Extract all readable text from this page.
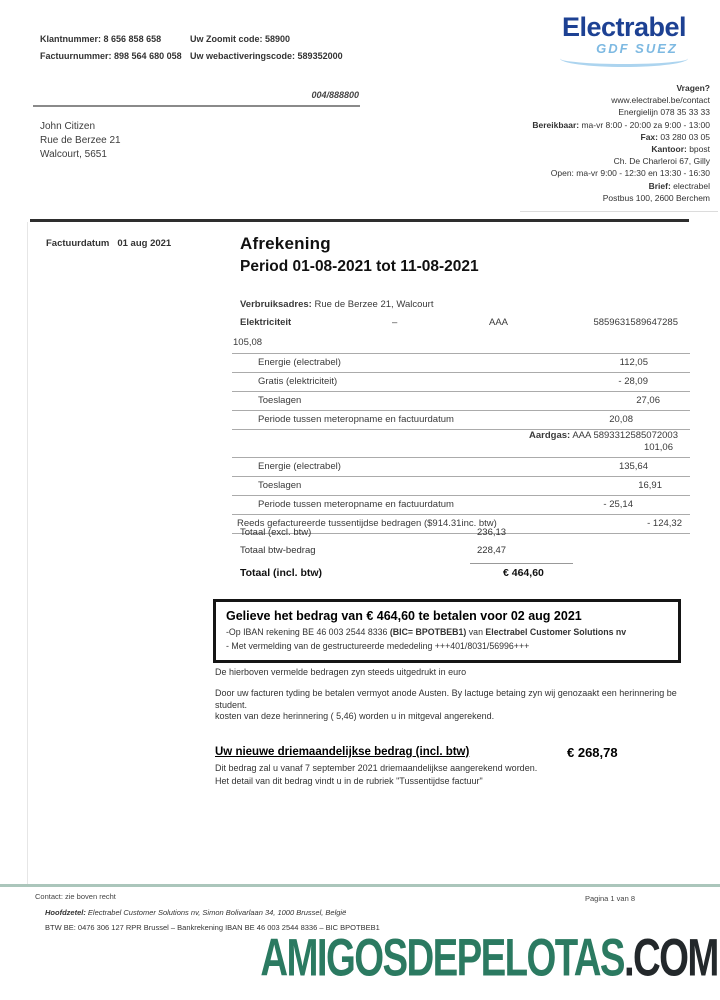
Klantnummer: 8 656 858 658	Uw Zoomit code: 58900
Factuurnummer: 898 564 680 058 Uw webactiveringscode: 589352000
Electrabel
GDF SUEZ
Vragen?
www.electrabel.be/contact
Energielijn 078 35 33 33
Bereikbaar: ma-vr 8:00 - 20:00 za 9:00 - 13:00
Fax: 03 280 03 05
Kantoor: bpost
Ch. De Charleroi 67, Gilly
Open: ma-vr 9:00 - 12:30 en 13:30 - 16:30
Brief: electrabel
Postbus 100, 2600 Berchem
004/888800
John Citizen
Rue de Berzee 21
Walcourt, 5651
Factuurdatum 01 aug 2021	Afrekening
Period 01-08-2021 tot 11-08-2021
Verbruiksadres: Rue de Berzee 21, Walcourt
Elektriciteit	–	AAA	5859631589647285
105,08
Energie (electrabel)	112,05
Gratis (elektriciteit)	- 28,09
Toeslagen	27,06
Periode tussen meteropname en factuurdatum	20,08
Aardgas: AAA 5893312585072003
101,06
Energie (electrabel)	135,64
Toeslagen	16,91
Periode tussen meteropname en factuurdatum	- 25,14
Reeds gefactureerde tussentijdse bedragen ($914.31inc. btw)	- 124,32
Totaal (excl. btw)	236,13
Totaal btw-bedrag	228,47
Totaal (incl. btw)	€ 464,60
Gelieve het bedrag van € 464,60 te betalen voor 02 aug 2021
-Op IBAN rekening BE 46 003 2544 8336 (BIC= BPOTBEB1) van Electrabel Customer Solutions nv
- Met vermelding van de gestructureerde mededeling +++401/8031/56996+++
De hierboven vermelde bedragen zyn steeds uitgedrukt in euro
Door uw facturen tyding be betalen vermyot anode Austen. By lactuge betaing zyn wij genozaakt een herinnering be student.
kosten van deze herinnering ( 5,46) worden u in mitgeval angerekend.
Uw nieuwe driemaandelijkse bedrag (incl. btw)	€ 268,78
Dit bedrag zal u vanaf 7 september 2021 driemaandelijkse aangerekend worden.
Het detail van dit bedrag vindt u in de rubriek "Tussentijdse factuur"
Contact: zie boven recht	Pagina 1 van 8
Hoofdzetel: Electrabel Customer Solutions nv, Simon Bolivarlaan 34, 1000 Brussel, België
BTW BE: 0476 306 127 RPR Brussel – Bankrekening IBAN BE 46 003 2544 8336 – BIC BPOTBEB1
AMIGOSDEPELOTAS.COM
